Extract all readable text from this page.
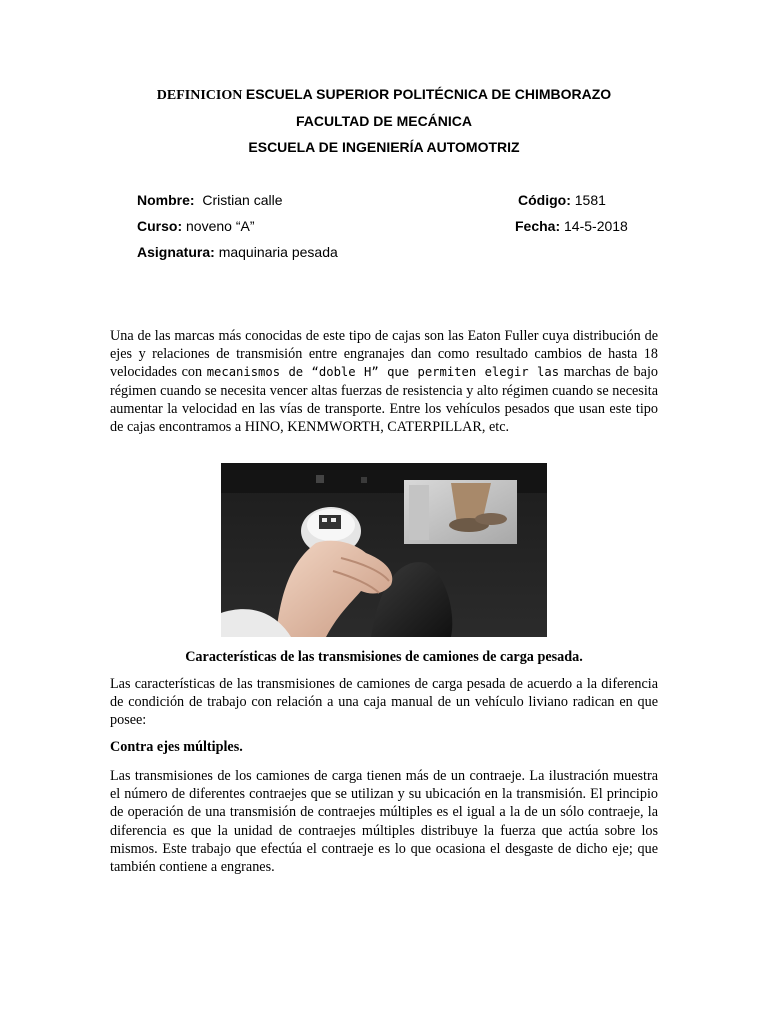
DEFINICION ESCUELA SUPERIOR POLITÉCNICA DE CHIMBORAZO
FACULTAD DE MECÁNICA
ESCUELA DE INGENIERÍA AUTOMOTRIZ
Nombre: Cristian calle	Código: 1581
Curso: noveno “A”	Fecha: 14-5-2018
Asignatura: maquinaria pesada
Una de las marcas más conocidas de este tipo de cajas son las Eaton Fuller cuya distribución de ejes y relaciones de transmisión entre engranajes dan como resultado cambios de hasta 18 velocidades con mecanismos de “doble H” que permiten elegir las marchas de bajo régimen cuando se necesita vencer altas fuerzas de resistencia y alto régimen cuando se necesita aumentar la velocidad en las vías de transporte. Entre los vehículos pesados que usan este tipo de cajas encontramos a HINO, KENMWORTH, CATERPILLAR, etc.
Características de las transmisiones de camiones de carga pesada.
Las características de las transmisiones de camiones de carga pesada de acuerdo a la diferencia de condición de trabajo con relación a una caja manual de un vehículo liviano radican en que posee:
Contra ejes múltiples.
Las transmisiones de los camiones de carga tienen más de un contraeje. La ilustración muestra el número de diferentes contraejes que se utilizan y su ubicación en la transmisión. El principio de operación de una transmisión de contraejes múltiples es el igual a la de un sólo contraeje, la diferencia es que la unidad de contraejes múltiples distribuye la fuerza que actúa sobre los mismos. Este trabajo que efectúa el contraeje es lo que ocasiona el desgaste de dicho eje; que también contiene a engranes.
